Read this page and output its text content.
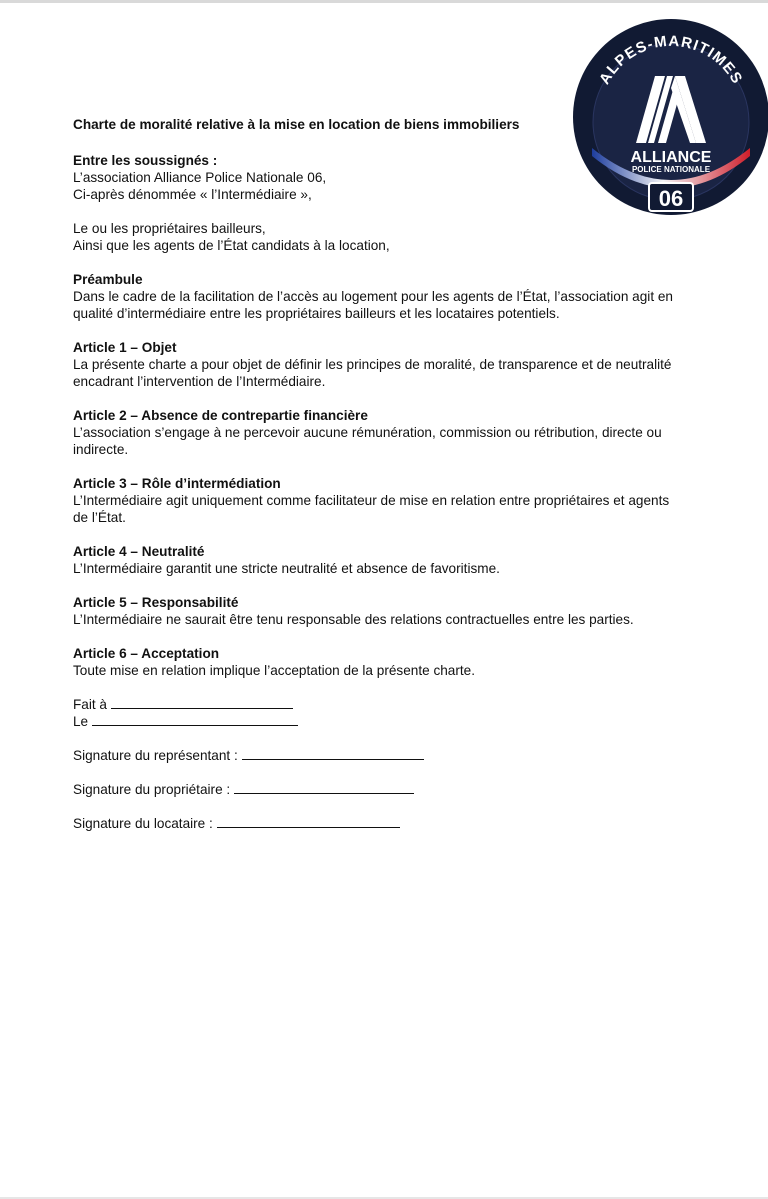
ALPES-MARITIMES
ALLIANCE
POLICE NATIONALE
06

Charte de moralité relative à la mise en location de biens immobiliers

Entre les soussignés :

L’association Alliance Police Nationale 06,

Ci-après dénommée « l’Intermédiaire »,

Le ou les propriétaires bailleurs,

Ainsi que les agents de l’État candidats à la location,

Préambule

Dans le cadre de la facilitation de l’accès au logement pour les agents de l’État, l’association agit en

qualité d’intermédiaire entre les propriétaires bailleurs et les locataires potentiels.

Article 1 – Objet

La présente charte a pour objet de définir les principes de moralité, de transparence et de neutralité

encadrant l’intervention de l’Intermédiaire.

Article 2 – Absence de contrepartie financière

L’association s’engage à ne percevoir aucune rémunération, commission ou rétribution, directe ou

indirecte.

Article 3 – Rôle d’intermédiation

L’Intermédiaire agit uniquement comme facilitateur de mise en relation entre propriétaires et agents

de l’État.

Article 4 – Neutralité

L’Intermédiaire garantit une stricte neutralité et absence de favoritisme.

Article 5 – Responsabilité

L’Intermédiaire ne saurait être tenu responsable des relations contractuelles entre les parties.

Article 6 – Acceptation

Toute mise en relation implique l’acceptation de la présente charte.

Fait à

Le

Signature du représentant :

Signature du propriétaire :

Signature du locataire :
